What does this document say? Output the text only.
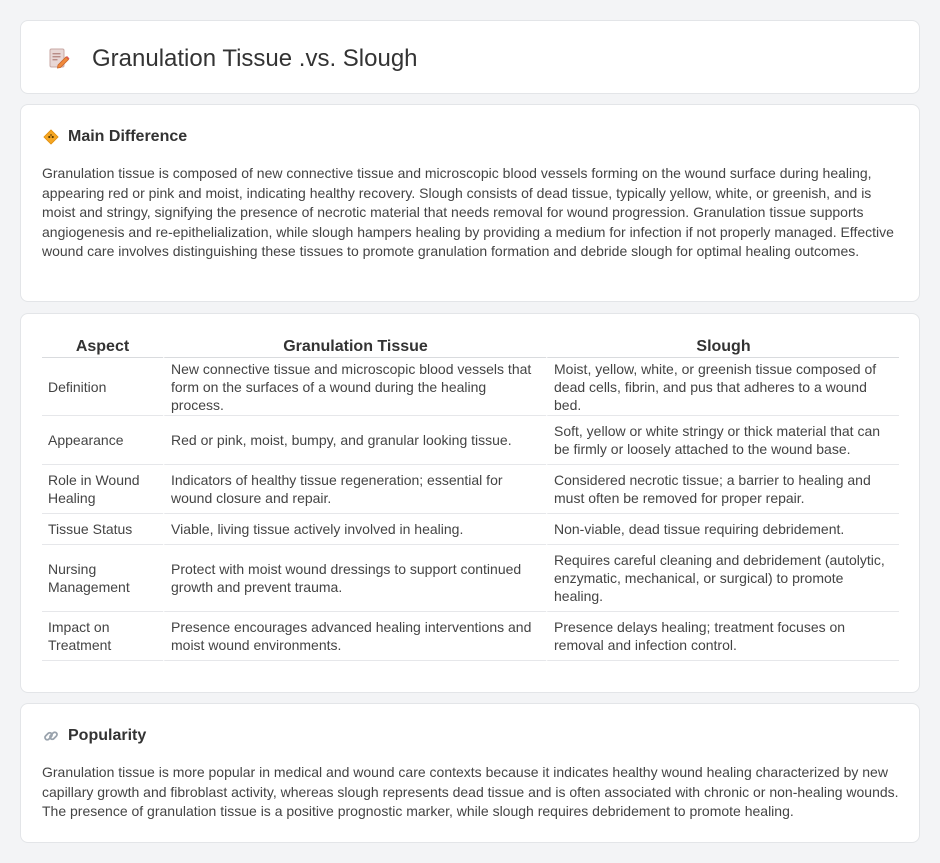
Granulation Tissue .vs. Slough
Main Difference

Granulation tissue is composed of new connective tissue and microscopic blood vessels forming on the wound surface during healing, appearing red or pink and moist, indicating healthy recovery. Slough consists of dead tissue, typically yellow, white, or greenish, and is moist and stringy, signifying the presence of necrotic material that needs removal for wound progression. Granulation tissue supports angiogenesis and re-epithelialization, while slough hampers healing by providing a medium for infection if not properly managed. Effective wound care involves distinguishing these tissues to promote granulation formation and debride slough for optimal healing outcomes.

Aspect	Granulation Tissue	Slough
Definition	New connective tissue and microscopic blood vessels that form on the surfaces of a wound during the healing process.	Moist, yellow, white, or greenish tissue composed of dead cells, fibrin, and pus that adheres to a wound bed.
Appearance	Red or pink, moist, bumpy, and granular looking tissue.	Soft, yellow or white stringy or thick material that can be firmly or loosely attached to the wound base.
Role in Wound Healing	Indicators of healthy tissue regeneration; essential for wound closure and repair.	Considered necrotic tissue; a barrier to healing and must often be removed for proper repair.
Tissue Status	Viable, living tissue actively involved in healing.	Non-viable, dead tissue requiring debridement.
Nursing Management	Protect with moist wound dressings to support continued growth and prevent trauma.	Requires careful cleaning and debridement (autolytic, enzymatic, mechanical, or surgical) to promote healing.
Impact on Treatment	Presence encourages advanced healing interventions and moist wound environments.	Presence delays healing; treatment focuses on removal and infection control.
Popularity

Granulation tissue is more popular in medical and wound care contexts because it indicates healthy wound healing characterized by new capillary growth and fibroblast activity, whereas slough represents dead tissue and is often associated with chronic or non-healing wounds. The presence of granulation tissue is a positive prognostic marker, while slough requires debridement to promote healing.
